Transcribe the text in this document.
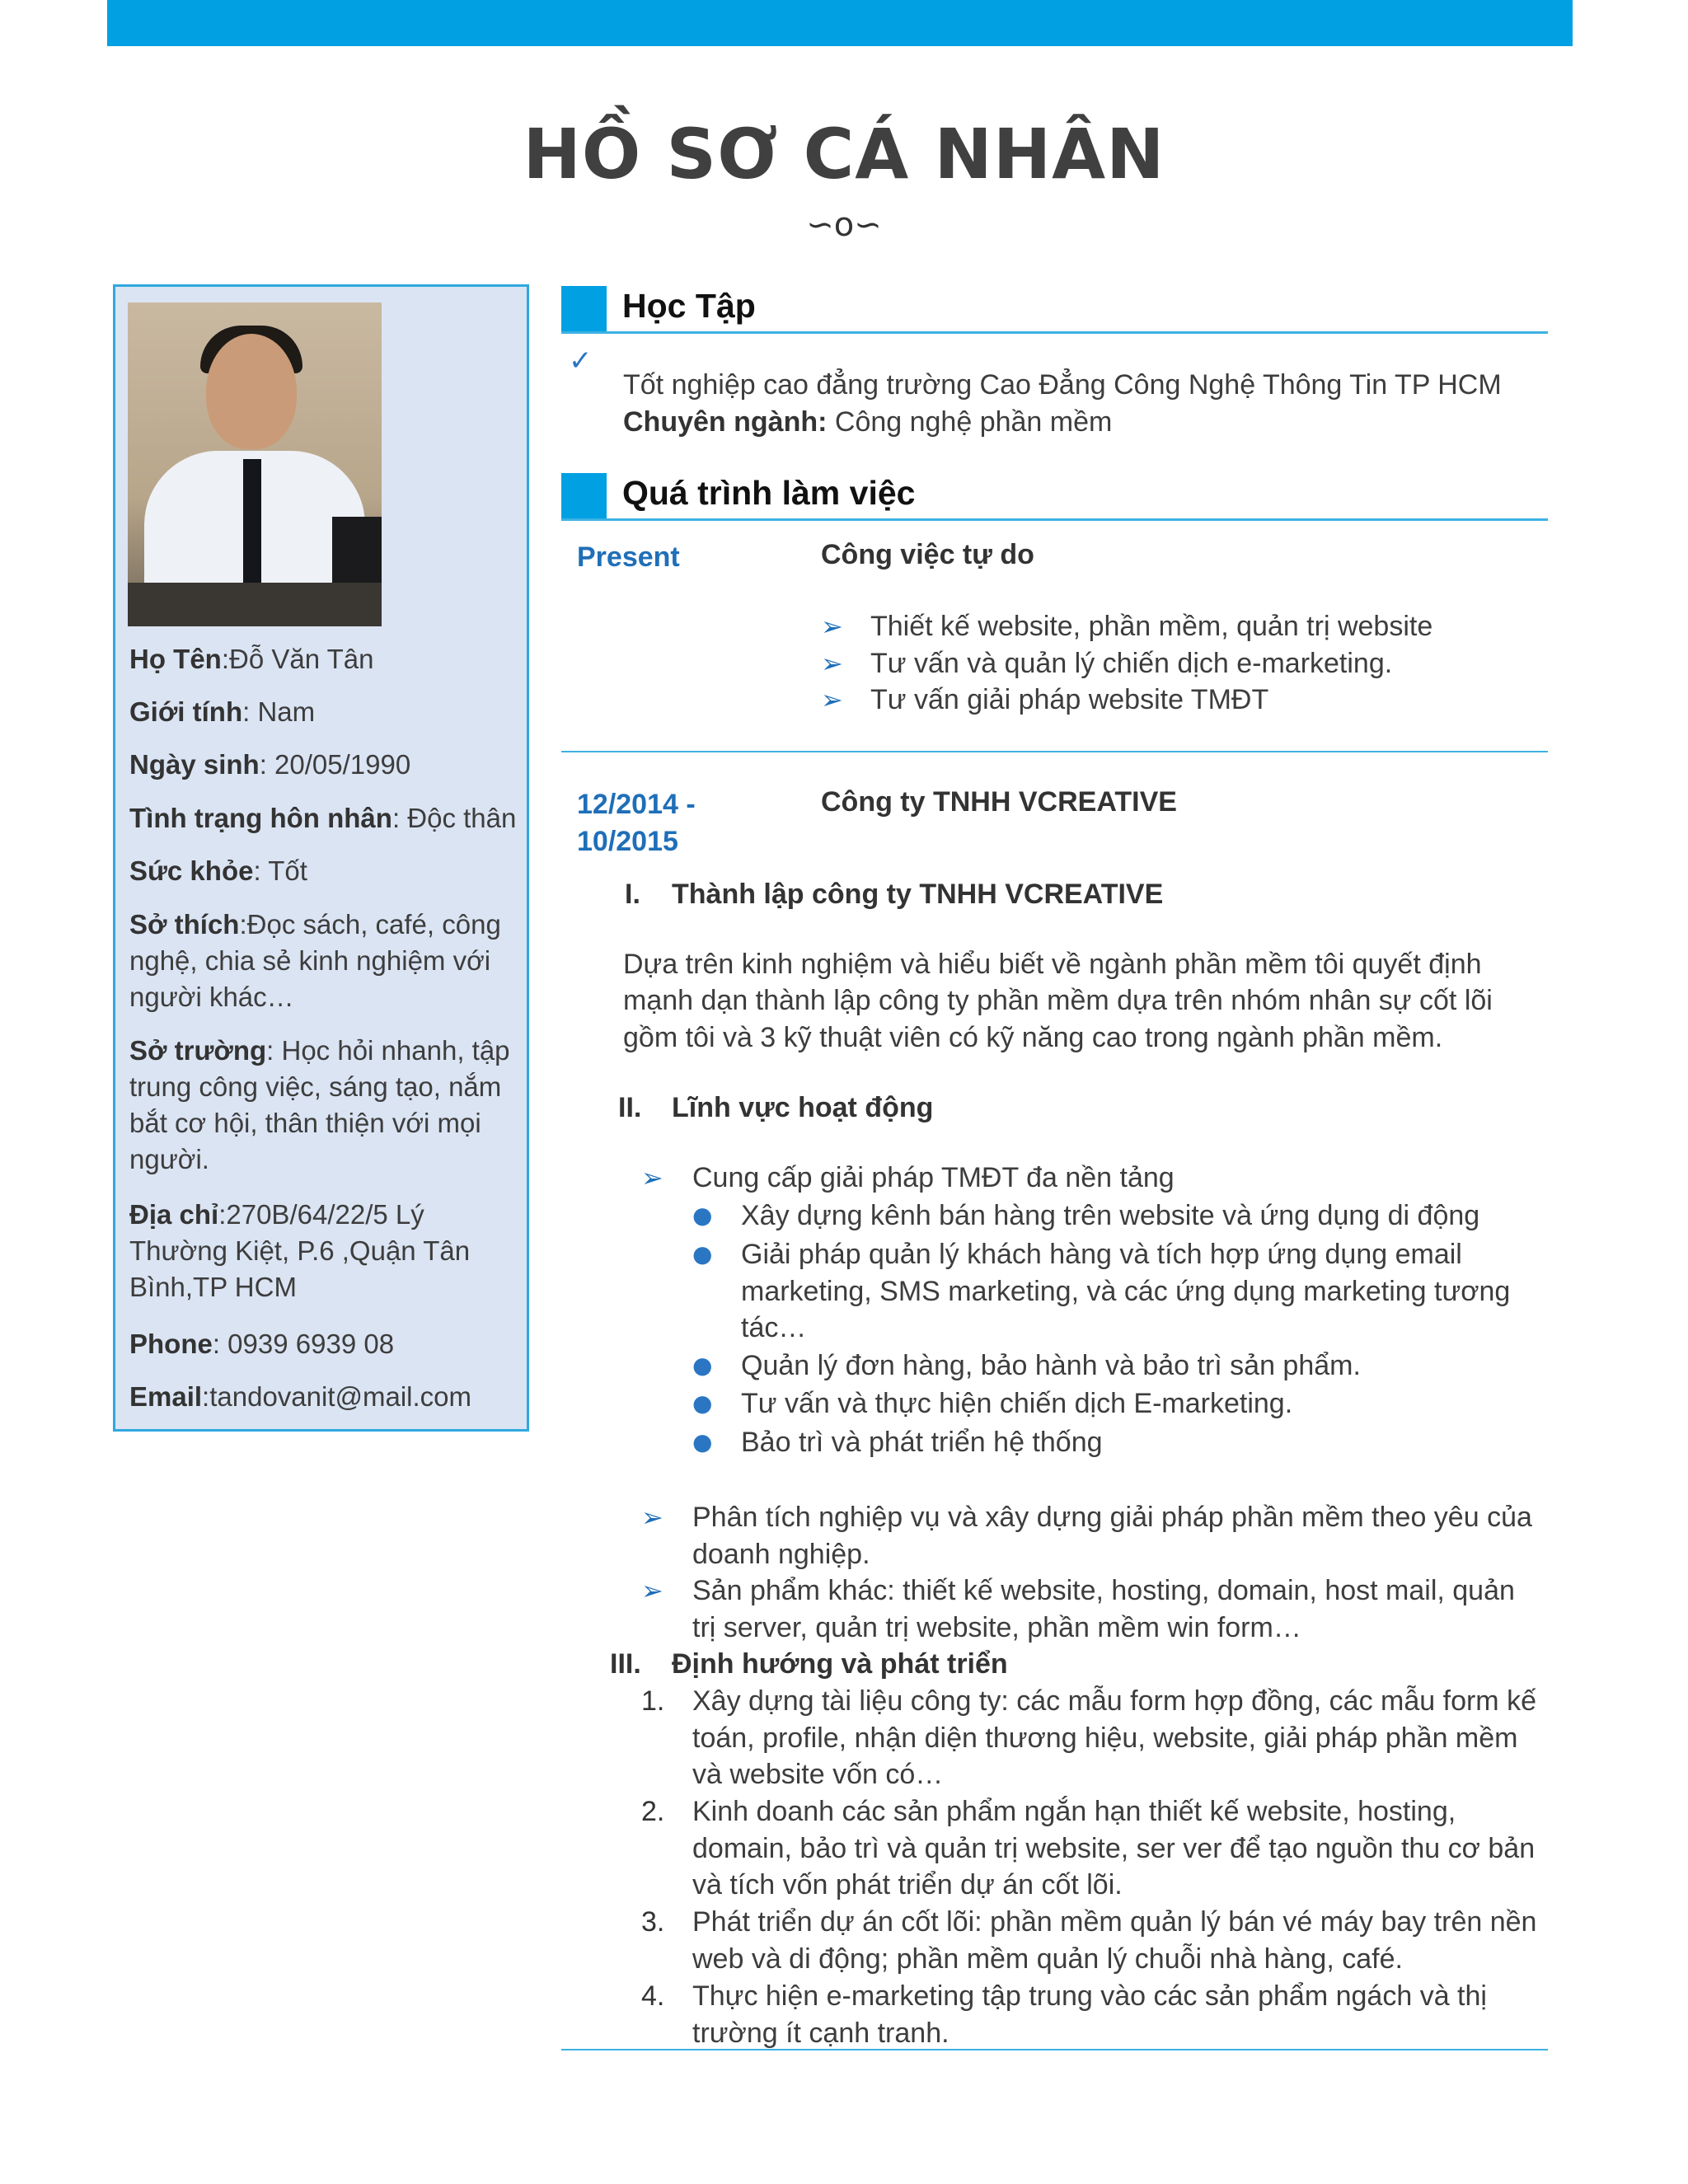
HỒ SƠ CÁ NHÂN
∽o∽
Họ Tên:Đỗ Văn Tân
Giới tính: Nam
Ngày sinh: 20/05/1990
Tình trạng hôn nhân: Độc thân
Sức khỏe: Tốt
Sở thích:Đọc sách, café, công nghệ, chia sẻ kinh nghiệm với người khác…
Sở trường: Học hỏi nhanh, tập trung công việc, sáng tạo, nắm bắt cơ hội, thân thiện với mọi người.
Địa chỉ:270B/64/22/5 Lý Thường Kiệt, P.6 ,Quận Tân Bình,TP HCM
Phone: 0939 6939 08
Email:tandovanit@mail.com
Học Tập
✓
Tốt nghiệp cao đẳng trường Cao Đẳng Công Nghệ Thông Tin TP HCM
Chuyên ngành: Công nghệ phần mềm
Quá trình làm việc
Present	Công việc tự do
➢ Thiết kế website, phần mềm, quản trị website
➢ Tư vấn và quản lý chiến dịch e-marketing.
➢ Tư vấn giải pháp website TMĐT
12/2014 -
10/2015
Công ty TNHH VCREATIVE
I. Thành lập công ty TNHH VCREATIVE
Dựa trên kinh nghiệm và hiểu biết về ngành phần mềm tôi quyết định
mạnh dạn thành lập công ty phần mềm dựa trên nhóm nhân sự cốt lõi
gồm tôi và 3 kỹ thuật viên có kỹ năng cao trong ngành phần mềm.
II. Lĩnh vực hoạt động
➢ Cung cấp giải pháp TMĐT đa nền tảng
● Xây dựng kênh bán hàng trên website và ứng dụng di động
● Giải pháp quản lý khách hàng và tích hợp ứng dụng email marketing, SMS marketing, và các ứng dụng marketing tương tác…
● Quản lý đơn hàng, bảo hành và bảo trì sản phẩm.
● Tư vấn và thực hiện chiến dịch E-marketing.
● Bảo trì và phát triển hệ thống
➢ Phân tích nghiệp vụ và xây dựng giải pháp phần mềm theo yêu của doanh nghiệp.
➢ Sản phẩm khác: thiết kế website, hosting, domain, host mail, quản trị server, quản trị website, phần mềm win form…
III. Định hướng và phát triển
1. Xây dựng tài liệu công ty: các mẫu form hợp đồng, các mẫu form kế toán, profile, nhận diện thương hiệu, website, giải pháp phần mềm và website vốn có…
2. Kinh doanh các sản phẩm ngắn hạn thiết kế website, hosting, domain, bảo trì và quản trị website, ser ver để tạo nguồn thu cơ bản và tích vốn phát triển dự án cốt lõi.
3. Phát triển dự án cốt lõi: phần mềm quản lý bán vé máy bay trên nền web và di động; phần mềm quản lý chuỗi nhà hàng, café.
4. Thực hiện e-marketing tập trung vào các sản phẩm ngách và thị trường ít cạnh tranh.
